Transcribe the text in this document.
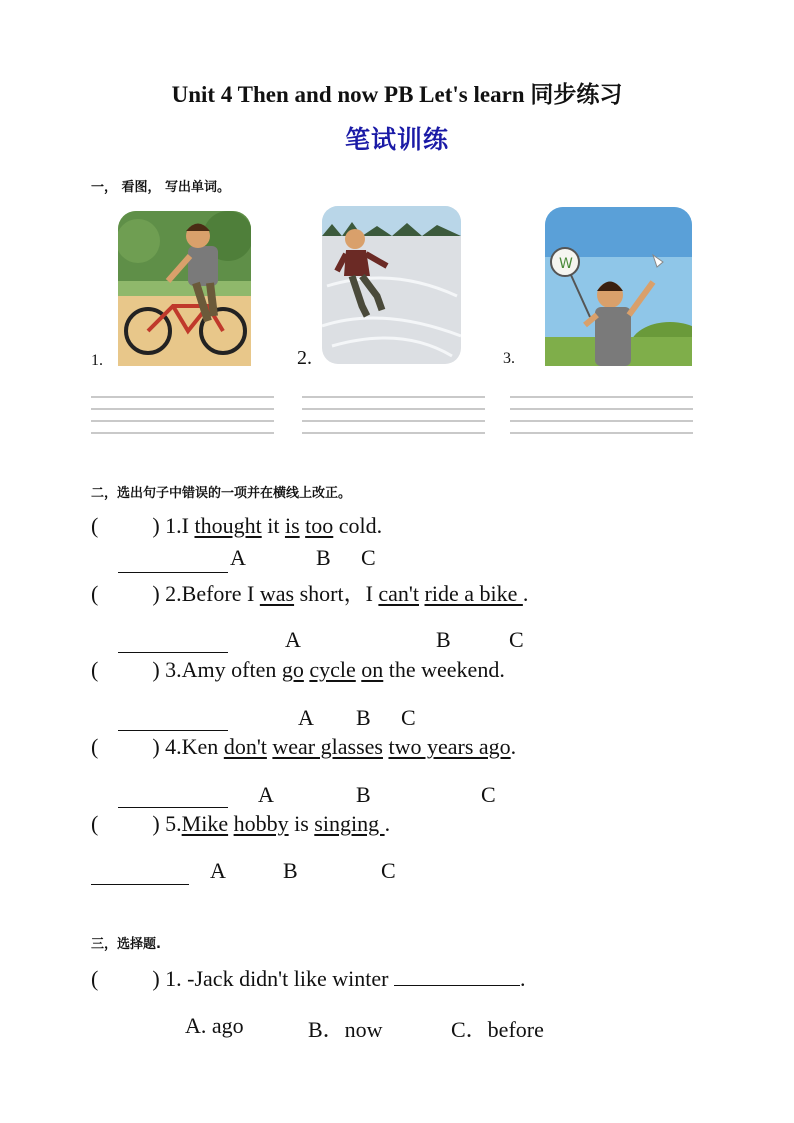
Unit 4 Then and now PB Let's learn 同步练习
笔试训练
一， 看图， 写出单词。
1.	2.	3.
W
二，选出句子中错误的一项并在横线上改正。
( ) 1.I thought it is too cold.
A	B C
( ) 2.Before I was short，I can't ride a bike .
A	B	C
( ) 3.Amy often go cycle on the weekend.
A B C
( ) 4.Ken don't wear glasses two years ago.
A	B	C
( ) 5.Mike hobby is singing .
A	B	C
三，选择题.
( ) 1. -Jack didn't like winter	.
A. ago	B．now	C．before
